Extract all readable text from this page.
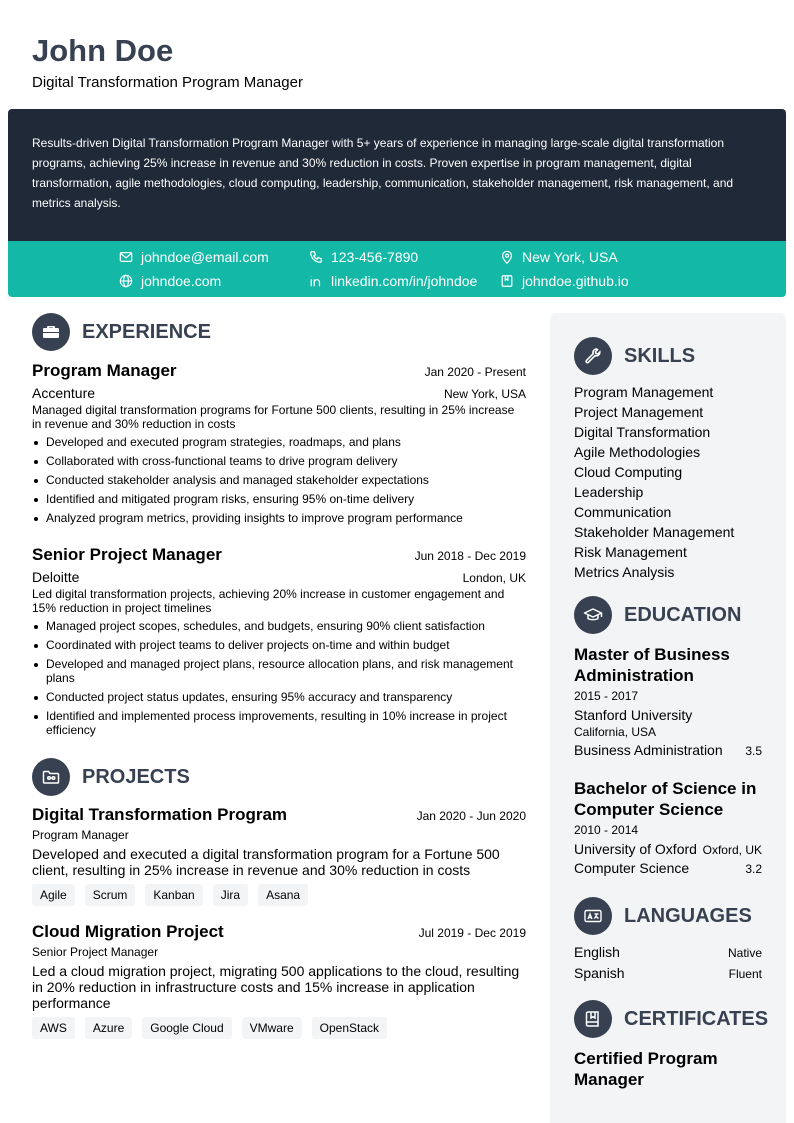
John Doe
Digital Transformation Program Manager

Results-driven Digital Transformation Program Manager with 5+ years of experience in managing large-scale digital transformation programs, achieving 25% increase in revenue and 30% reduction in costs. Proven expertise in program management, digital transformation, agile methodologies, cloud computing, leadership, communication, stakeholder management, risk management, and metrics analysis.

johndoe@email.com	123-456-7890	New York, USA
johndoe.com	linkedin.com/in/johndoe	johndoe.github.io
EXPERIENCE
Program Manager	Jan 2020 - Present
Accenture	New York, USA
Managed digital transformation programs for Fortune 500 clients, resulting in 25% increase in revenue and 30% reduction in costs
Developed and executed program strategies, roadmaps, and plans
Collaborated with cross-functional teams to drive program delivery
Conducted stakeholder analysis and managed stakeholder expectations
Identified and mitigated program risks, ensuring 95% on-time delivery
Analyzed program metrics, providing insights to improve program performance
Senior Project Manager	Jun 2018 - Dec 2019
Deloitte	London, UK
Led digital transformation projects, achieving 20% increase in customer engagement and 15% reduction in project timelines
Managed project scopes, schedules, and budgets, ensuring 90% client satisfaction
Coordinated with project teams to deliver projects on-time and within budget
Developed and managed project plans, resource allocation plans, and risk management plans
Conducted project status updates, ensuring 95% accuracy and transparency
Identified and implemented process improvements, resulting in 10% increase in project efficiency
PROJECTS
Digital Transformation Program	Jan 2020 - Jun 2020
Program Manager
Developed and executed a digital transformation program for a Fortune 500 client, resulting in 25% increase in revenue and 30% reduction in costs
Agile	Scrum	Kanban	Jira	Asana
Cloud Migration Project	Jul 2019 - Dec 2019
Senior Project Manager
Led a cloud migration project, migrating 500 applications to the cloud, resulting in 20% reduction in infrastructure costs and 15% increase in application performance
AWS	Azure	Google Cloud	VMware	OpenStack
SKILLS
Program Management
Project Management
Digital Transformation
Agile Methodologies
Cloud Computing
Leadership
Communication
Stakeholder Management
Risk Management
Metrics Analysis
EDUCATION
Master of Business Administration
2015 - 2017
Stanford University
California, USA
Business Administration 3.5
Bachelor of Science in Computer Science
2010 - 2014
University of Oxford Oxford, UK
Computer Science	3.2
LANGUAGES
English	Native
Spanish	Fluent
CERTIFICATES
Certified Program Manager
